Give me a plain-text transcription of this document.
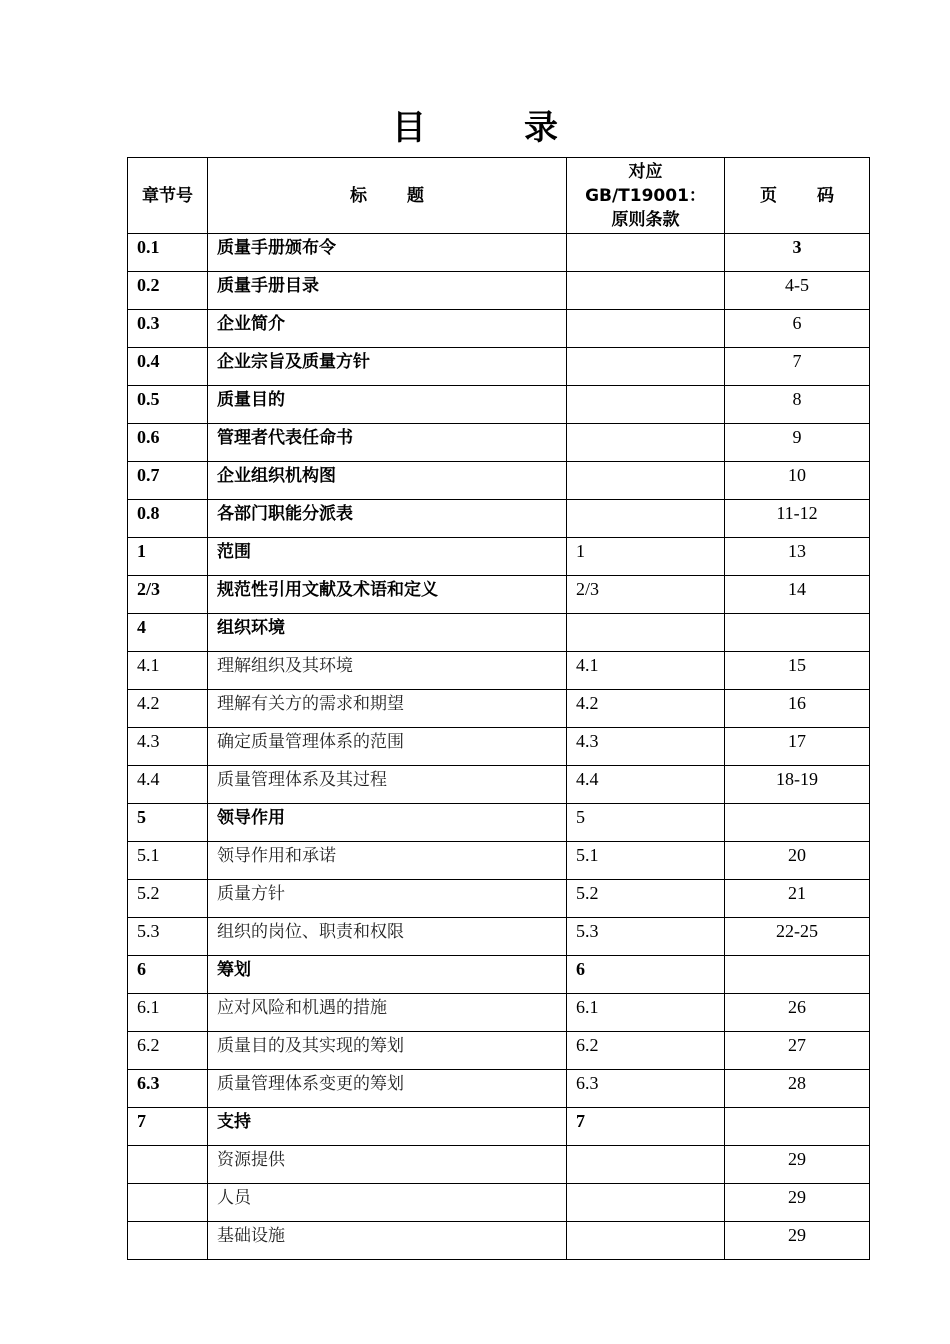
目	录
章节号	标 题	对应GB/T19001：原则条款	页 码
0.1	质量手册颁布令		3
0.2	质量手册目录		4-5
0.3	企业简介		6
0.4	企业宗旨及质量方针		7
0.5	质量目的		8
0.6	管理者代表任命书		9
0.7	企业组织机构图		10
0.8	各部门职能分派表		11-12
1	范围	1	13
2/3	规范性引用文献及术语和定义	2/3	14
4	组织环境		
4.1	理解组织及其环境	4.1	15
4.2	理解有关方的需求和期望	4.2	16
4.3	确定质量管理体系的范围	4.3	17
4.4	质量管理体系及其过程	4.4	18-19
5	领导作用	5	
5.1	领导作用和承诺	5.1	20
5.2	质量方针	5.2	21
5.3	组织的岗位、职责和权限	5.3	22-25
6	筹划	6	
6.1	应对风险和机遇的措施	6.1	26
6.2	质量目的及其实现的筹划	6.2	27
6.3	质量管理体系变更的筹划	6.3	28
7	支持	7	
	资源提供		29
	人员		29
	基础设施		29
